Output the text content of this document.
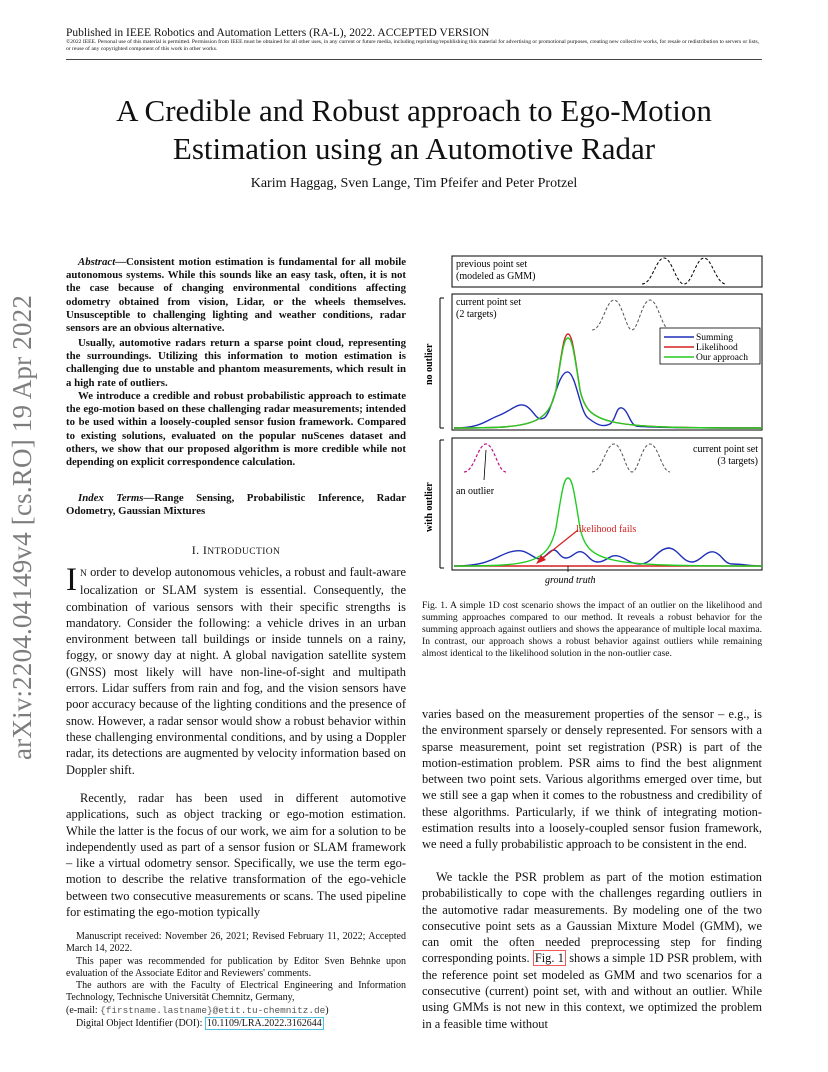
Published in IEEE Robotics and Automation Letters (RA-L), 2022. ACCEPTED VERSION
©2022 IEEE. Personal use of this material is permitted. Permission from IEEE must be obtained for all other uses, in any current or future media, including reprinting/republishing this material for advertising or promotional purposes, creating new collective works, for resale or redistribution to servers or lists, or reuse of any copyrighted component of this work in other works.
arXiv:2204.04149v4 [cs.RO] 19 Apr 2022
A Credible and Robust approach to Ego-Motion
Estimation using an Automotive Radar
Karim Haggag, Sven Lange, Tim Pfeifer and Peter Protzel
Abstract—Consistent motion estimation is fundamental for all mobile autonomous systems. While this sounds like an easy task, often, it is not the case because of changing environmental conditions affecting odometry obtained from vision, Lidar, or the wheels themselves. Unsusceptible to challenging lighting and weather conditions, radar sensors are an obvious alternative.
Usually, automotive radars return a sparse point cloud, representing the surroundings. Utilizing this information to motion estimation is challenging due to unstable and phantom measurements, which result in a high rate of outliers.
We introduce a credible and robust probabilistic approach to estimate the ego-motion based on these challenging radar measurements; intended to be used within a loosely-coupled sensor fusion framework. Compared to existing solutions, evaluated on the popular nuScenes dataset and others, we show that our proposed algorithm is more credible while not depending on explicit correspondence calculation.
Index Terms—Range Sensing, Probabilistic Inference, Radar Odometry, Gaussian Mixtures
I. INTRODUCTION
I N order to develop autonomous vehicles, a robust and fault-aware localization or SLAM system is essential. Consequently, the combination of various sensors with their specific strengths is mandatory. Consider the following: a vehicle drives in an urban environment between tall buildings or inside tunnels on a rainy, foggy, or snowy day at night. A global navigation satellite system (GNSS) most likely will have non-line-of-sight and multipath errors. Lidar suffers from rain and fog, and the vision sensors have poor accuracy because of the lighting conditions and the presence of snow. However, a radar sensor would show a robust behavior within these challenging environmental conditions, and by using a Doppler radar, its detections are augmented by velocity information based on Doppler shift.
Recently, radar has been used in different automotive applications, such as object tracking or ego-motion estimation. While the latter is the focus of our work, we aim for a solution to be independently used as part of a sensor fusion or SLAM framework – like a virtual odometry sensor. Specifically, we use the term ego-motion to describe the relative transformation of the ego-vehicle between two consecutive measurements or scans. The used pipeline for estimating the ego-motion typically
Manuscript received: November 26, 2021; Revised February 11, 2022; Accepted March 14, 2022.
This paper was recommended for publication by Editor Sven Behnke upon evaluation of the Associate Editor and Reviewers' comments.
The authors are with the Faculty of Electrical Engineering and Information Technology, Technische Universität Chemnitz, Germany,
(e-mail: {firstname.lastname}@etit.tu-chemnitz.de)
Digital Object Identifier (DOI): 10.1109/LRA.2022.3162644
previous point set
(modeled as GMM)
current point set
(2 targets)
Summing
Likelihood
Our approach
no outlier
current point set
(3 targets)
an outlier
likelihood fails
ground truth
with outlier
Fig. 1. A simple 1D cost scenario shows the impact of an outlier on the likelihood and summing approaches compared to our method. It reveals a robust behavior for the summing approach against outliers and shows the appearance of multiple local maxima. In contrast, our approach shows a robust behavior against outliers while remaining almost identical to the likelihood solution in the non-outlier case.
varies based on the measurement properties of the sensor – e.g., is the environment sparsely or densely represented. For sensors with a sparse measurement, point set registration (PSR) is part of the motion-estimation problem. PSR aims to find the best alignment between two point sets. Various algorithms emerged over time, but we still see a gap when it comes to the robustness and credibility of these algorithms. Particularly, if we think of integrating motion-estimation results into a loosely-coupled sensor fusion framework, we need a fully probabilistic approach to be consistent in the end.
We tackle the PSR problem as part of the motion estimation probabilistically to cope with the challenges regarding outliers in the automotive radar measurements. By modeling one of the two consecutive point sets as a Gaussian Mixture Model (GMM), we can omit the often needed preprocessing step for finding corresponding points. Fig. 1 shows a simple 1D PSR problem, with the reference point set modeled as GMM and two scenarios for a consecutive (current) point set, with and without an outlier. While using GMMs is not new in this context, we optimized the problem in a feasible time without
